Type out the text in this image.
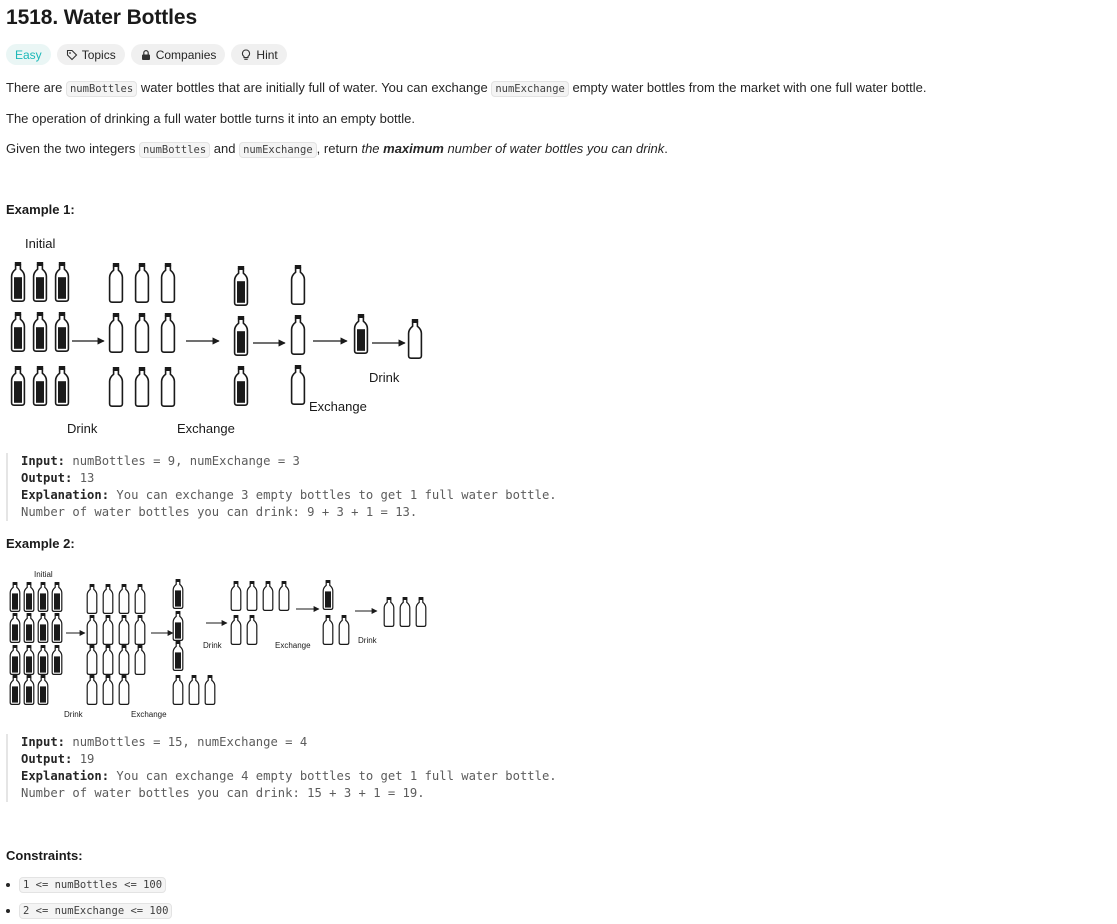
1518. Water Bottles
Easy	Topics	Companies	Hint

There are numBottles water bottles that are initially full of water. You can exchange numExchange empty water bottles from the market with one full water bottle.

The operation of drinking a full water bottle turns it into an empty bottle.

Given the two integers numBottles and numExchange , return the maximum number of water bottles you can drink.

Example 1:

Initial
Drink
Exchange
Drink	Exchange
Input: numBottles = 9, numExchange = 3
Output: 13
Explanation: You can exchange 3 empty bottles to get 1 full water bottle.
Number of water bottles you can drink: 9 + 3 + 1 = 13.

Example 2:

Initial
Drink	Exchange
Drink
Drink	Exchange
Input: numBottles = 15, numExchange = 4
Output: 19
Explanation: You can exchange 4 empty bottles to get 1 full water bottle.
Number of water bottles you can drink: 15 + 3 + 1 = 19.

Constraints:

1 <= numBottles <= 100
2 <= numExchange <= 100
